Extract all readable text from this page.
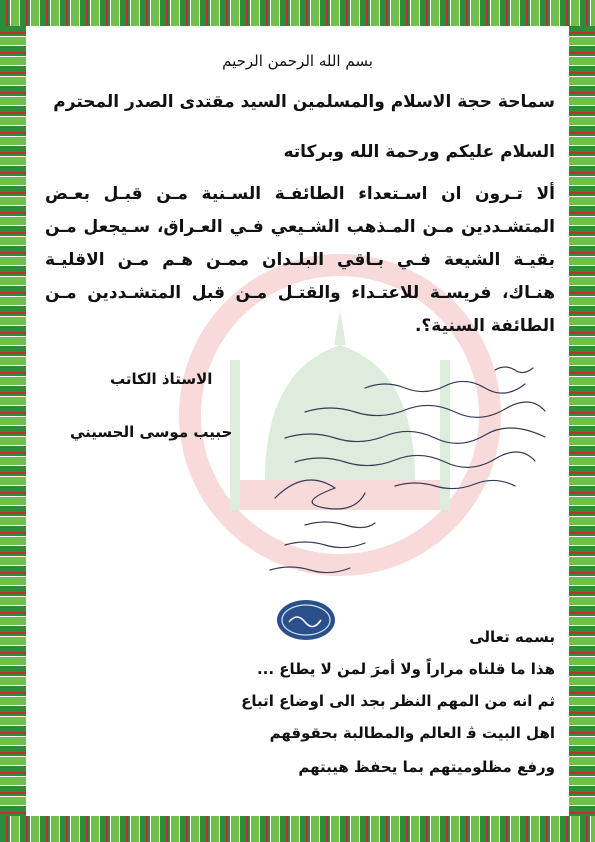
بسم الله الرحمن الرحيم
سماحة حجة الاسلام والمسلمين السيد مقتدى الصدر المحترم
السلام عليكم ورحمة الله وبركاته
ألا تـرون ان اسـتعداء الطائفـة السـنية مـن قبـل بعـض المتشـددين مـن المـذهب الشـيعي فـي العـراق، سـيجعل مـن بقيـة الشيعة فـي بـاقي البلـدان ممـن هـم مـن الاقليـة هنـاك، فريسـة للاعتـداء والقتـل مـن قبل المتشـددين مـن الطائفة السنية؟.
الاستاذ الكاتب
حبيب موسى الحسيني
بسمه تعالى
هذا ما قلناه مراراً ولا أمرَ لمن لا يطاع ...
ثم انه من المهم النظر بجد الى اوضاع اتباع
اهل البيت ﭬ العالم والمطالبة بحقوقهم
ورفع مظلوميتهم بما يحفظ هيبتهم
